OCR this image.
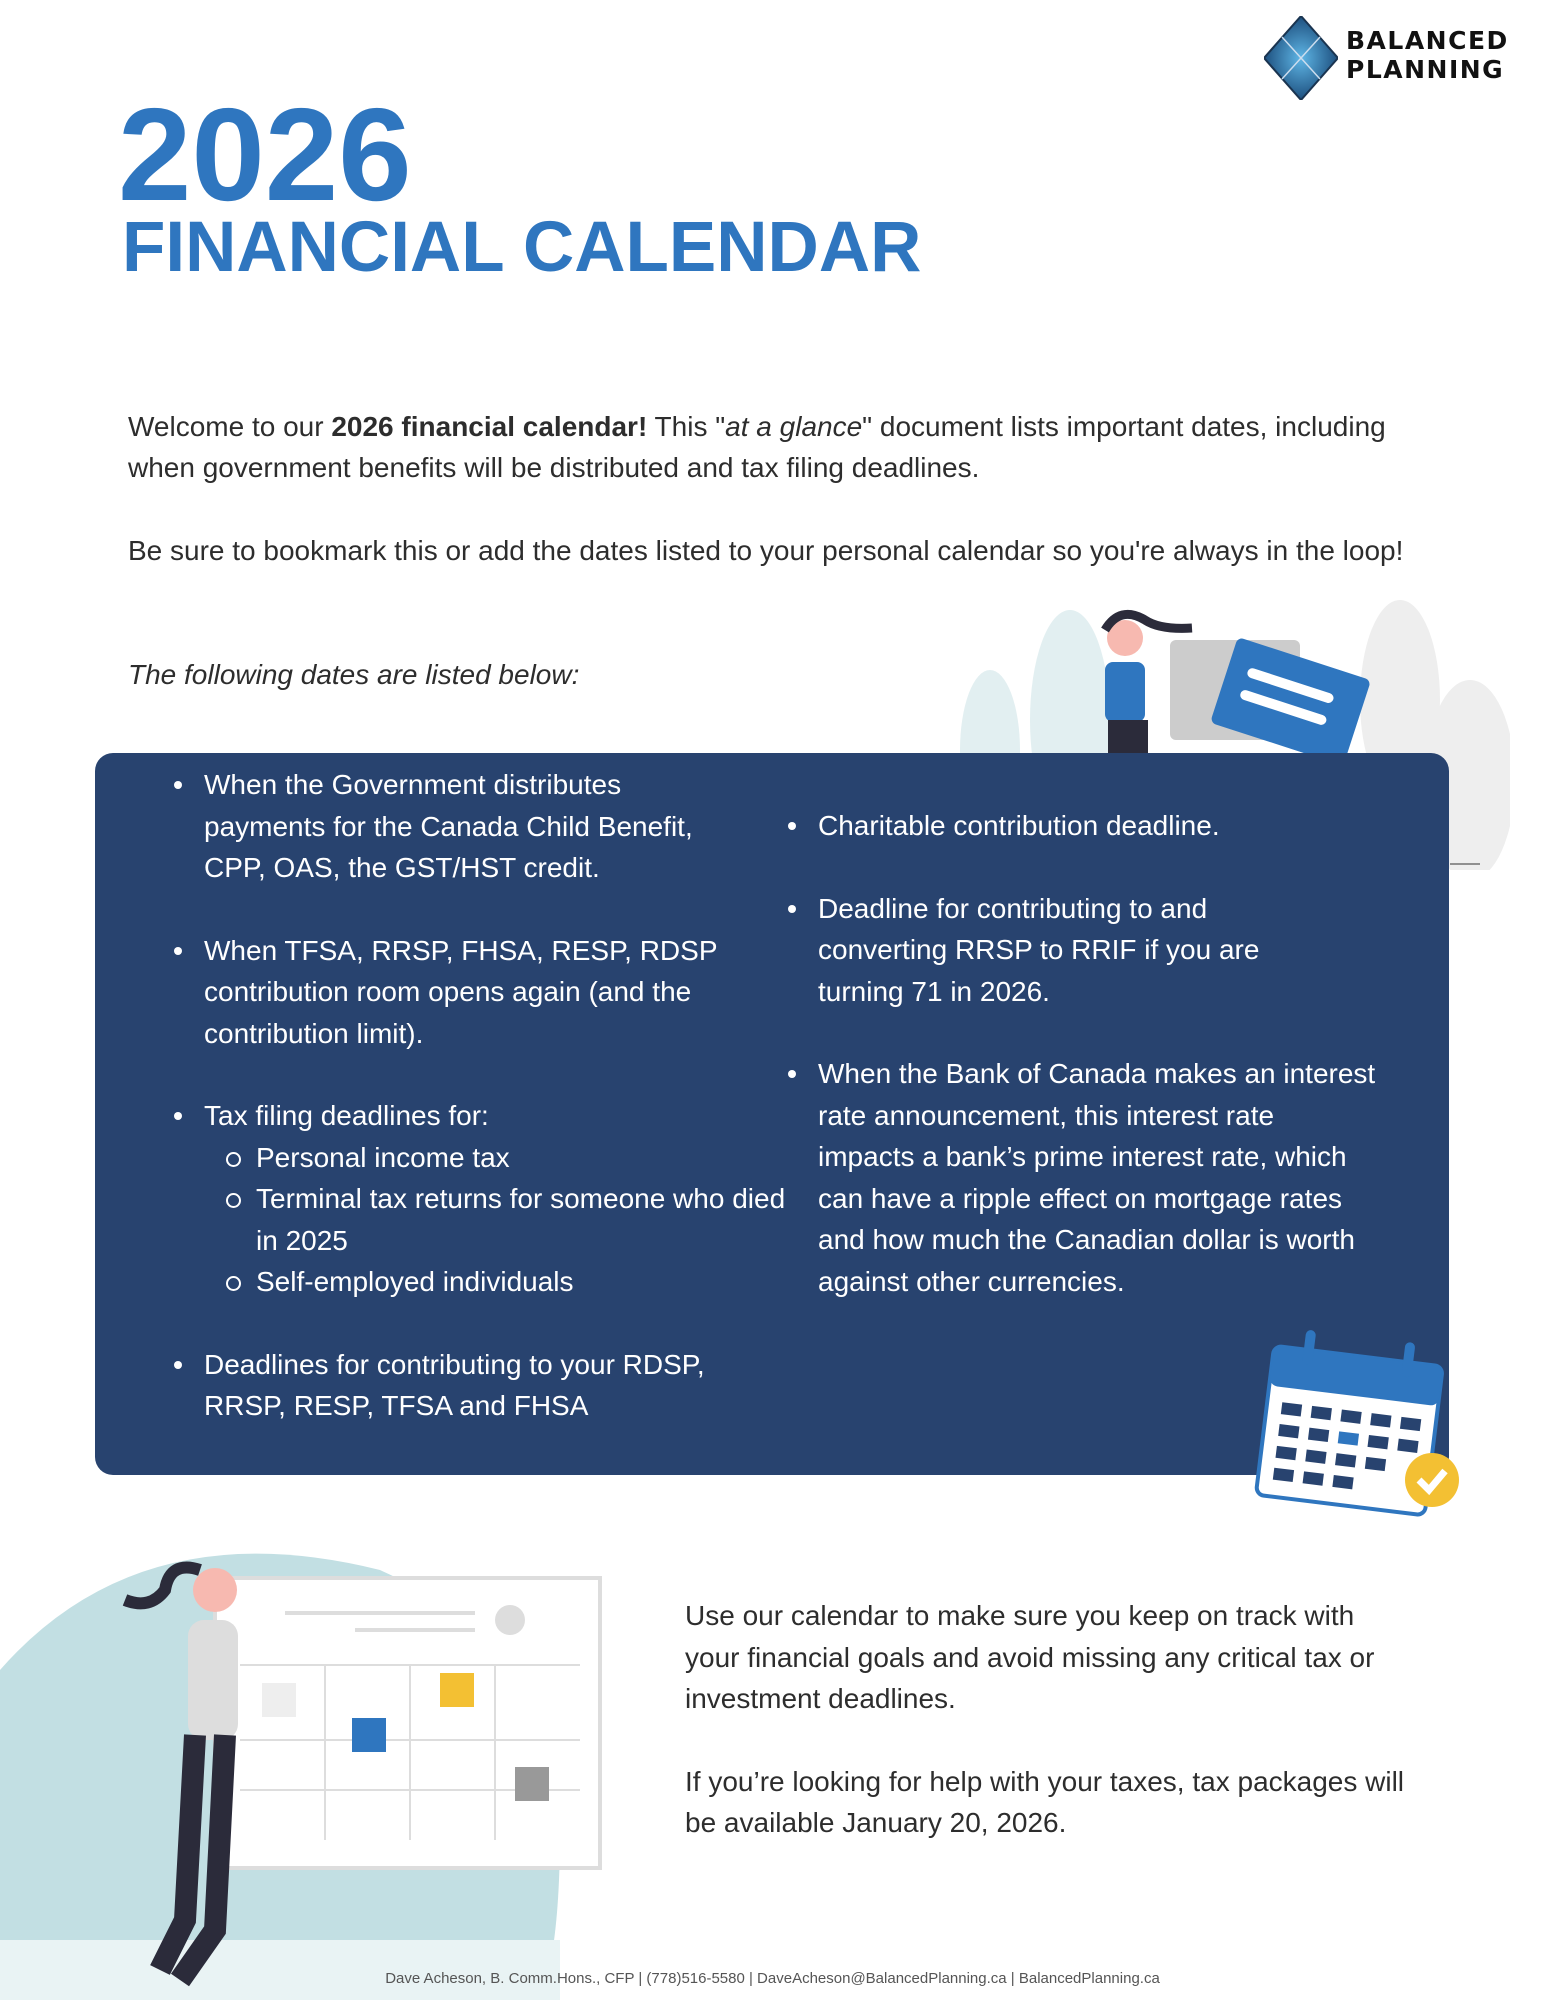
BALANCED
PLANNING
2026
FINANCIAL CALENDAR
Welcome to our 2026 financial calendar! This "at a glance" document lists important dates, including when government benefits will be distributed and tax filing deadlines.
Be sure to bookmark this or add the dates listed to your personal calendar so you're always in the loop!
The following dates are listed below:
When the Government distributes payments for the Canada Child Benefit, CPP, OAS, the GST/HST credit.
When TFSA, RRSP, FHSA, RESP, RDSP contribution room opens again (and the contribution limit).
Tax filing deadlines for:
Personal income tax
Terminal tax returns for someone who died in 2025
Self-employed individuals
Deadlines for contributing to your RDSP, RRSP, RESP, TFSA and FHSA
Charitable contribution deadline.
Deadline for contributing to and converting RRSP to RRIF if you are turning 71 in 2026.
When the Bank of Canada makes an interest rate announcement, this interest rate impacts a bank’s prime interest rate, which can have a ripple effect on mortgage rates and how much the Canadian dollar is worth against other currencies.

Use our calendar to make sure you keep on track with your financial goals and avoid missing any critical tax or investment deadlines.

If you’re looking for help with your taxes, tax packages will be available January 20, 2026.

Dave Acheson, B. Comm.Hons., CFP | (778)516-5580 | DaveAcheson@BalancedPlanning.ca | BalancedPlanning.ca
